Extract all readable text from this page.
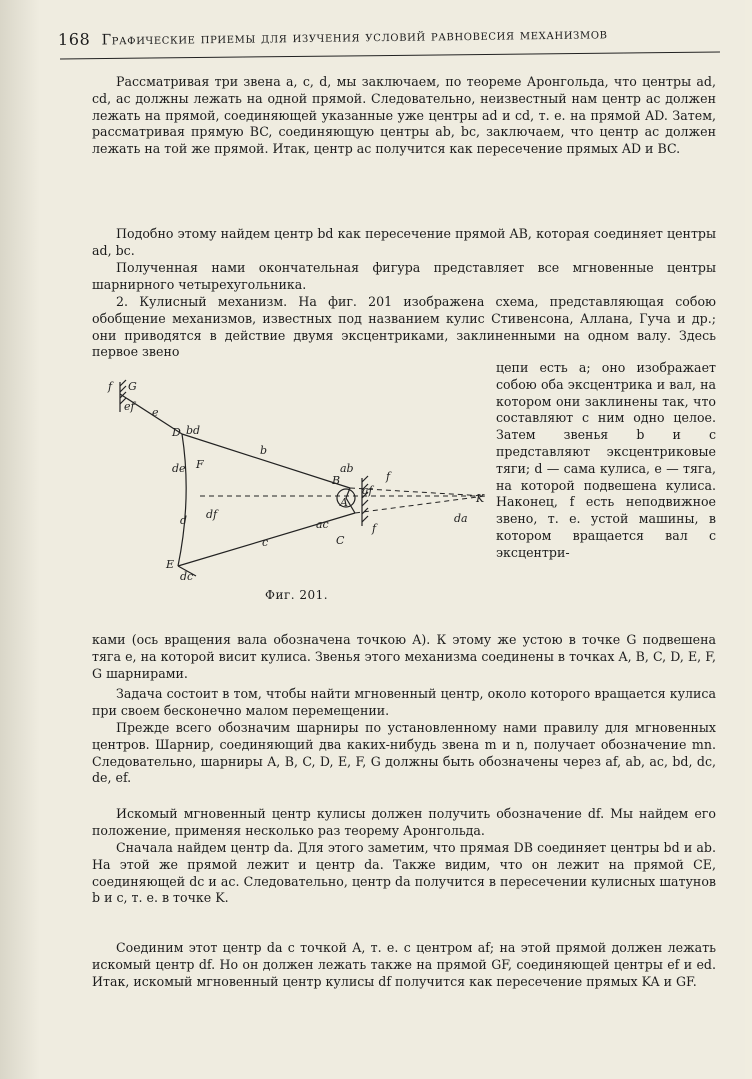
168 Графические приемы для изучения условий равновесия механизмов

Рассматривая три звена a, c, d, мы заключаем, по теореме Аронгольда, что центры ad, cd, ac должны лежать на одной прямой. Следовательно, неизвестный нам центр ac должен лежать на прямой, соединяющей указанные уже центры ad и cd, т. е. на прямой AD. Затем, рассматривая прямую BC, соединяющую центры ab, bc, заключаем, что центр ac должен лежать на той же прямой. Итак, центр ac получится как пересечение прямых AD и BC.

Подобно этому найдем центр bd как пересечение прямой AB, которая соединяет центры ad, bc.

Полученная нами окончательная фигура представляет все мгновенные центры шарнирного четырехугольника.

2. Кулисный механизм. На фиг. 201 изображена схема, представляющая собою обобщение механизмов, известных под названием кулис Стивенсона, Аллана, Гуча и др.; они приводятся в действие двумя эксцентриками, заклиненными на одном валу. Здесь первое звено

цепи есть a; оно изображает собою оба эксцентрика и вал, на котором они заклинены так, что составляют с ним одно целое. Затем звенья b и c представляют эксцентриковые тяги; d — сама кулиса, e — тяга, на которой подвешена кулиса. Наконец, f есть неподвижное звено, т. е. устой машины, в котором вращается вал с эксцентри-

ками (ось вращения вала обозначена точкою A). К этому же устою в точке G подвешена тяга e, на которой висит кулиса. Звенья этого механизма соединены в точках A, B, C, D, E, F, G шарнирами.

Задача состоит в том, чтобы найти мгновенный центр, около которого вращается кулиса при своем бесконечно малом перемещении.

Прежде всего обозначим шарниры по установленному нами правилу для мгновенных центров. Шарнир, соединяющий два каких-нибудь звена m и n, получает обозначение mn. Следовательно, шарниры A, B, C, D, E, F, G должны быть обозначены через af, ab, ac, bd, dc, de, ef.

Искомый мгновенный центр кулисы должен получить обозначение df. Мы найдем его положение, применяя несколько раз теорему Аронгольда.

Сначала найдем центр da. Для этого заметим, что прямая DB соединяет центры bd и ab. На этой же прямой лежит и центр da. Также видим, что он лежит на прямой CE, соединяющей dc и ac. Следовательно, центр da получится в пересечении кулисных шатунов b и c, т. е. в точке K.

Соединим этот центр da с точкой A, т. е. с центром af; на этой прямой должен лежать искомый центр df. Но он должен лежать также на прямой GF, соединяющей центры ef и ed. Итак, искомый мгновенный центр кулисы df получится как пересечение прямых KA и GF.

f G
ef e
D bd
b
de F	ab
B	f
af
A	K
df	da
d	ac	f
C
c
E
dc
Фиг. 201.
